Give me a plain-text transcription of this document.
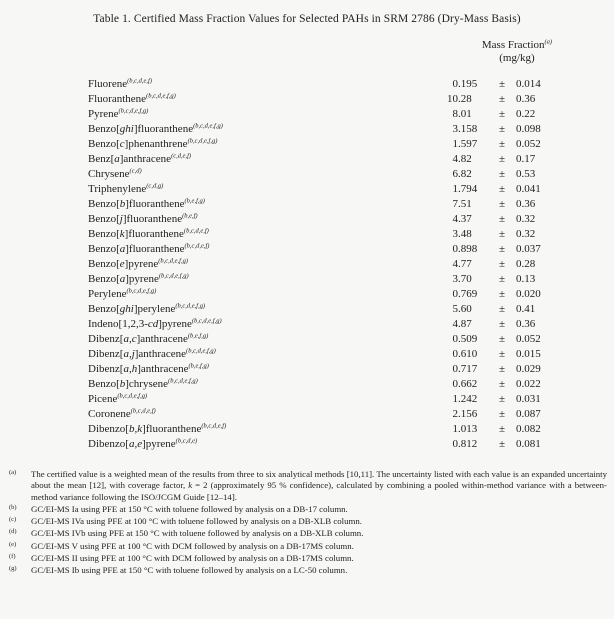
Table 1. Certified Mass Fraction Values for Selected PAHs in SRM 2786 (Dry-Mass Basis)
Mass Fraction$^{(a)}$
(mg/kg)
Fluorene$^{(b,c,d,e,f)}$	0 .195	± 0.014
Fluoranthene$^{(b,c,d,e,f,g)}$	10 .28	± 0.36
Pyrene$^{(b,c,d,e,f,g)}$	8 .01	± 0.22
Benzo[ghi]fluoranthene$^{(b,c,d,e,f,g)}$	3 .158	± 0.098
Benzo[c]phenanthrene$^{(b,c,d,e,f,g)}$	1 .597	± 0.052
Benz[a]anthracene$^{(c,d,e,f)}$	4 .82	± 0.17
Chrysene$^{(c,d)}$	6 .82	± 0.53
Triphenylene$^{(c,d,g)}$	1 .794	± 0.041
Benzo[b]fluoranthene$^{(b,e,f,g)}$	7 .51	± 0.36
Benzo[j]fluoranthene$^{(b,e,f)}$	4 .37	± 0.32
Benzo[k]fluoranthene$^{(b,c,d,e,f)}$	3 .48	± 0.32
Benzo[a]fluoranthene$^{(b,c,d,e,f)}$	0 .898	± 0.037
Benzo[e]pyrene$^{(b,c,d,e,f,g)}$	4 .77	± 0.28
Benzo[a]pyrene$^{(b,c,d,e,f,g)}$	3 .70	± 0.13
Perylene$^{(b,c,d,e,f,g)}$	0 .769	± 0.020
Benzo[ghi]perylene$^{(b,c,d,e,f,g)}$	5 .60	± 0.41
Indeno[1,2,3-cd]pyrene$^{(b,c,d,e,f,g)}$	4 .87	± 0.36
Dibenz[a,c]anthracene$^{(b,e,f,g)}$	0 .509	± 0.052
Dibenz[a,j]anthracene$^{(b,c,d,e,f,g)}$	0 .610	± 0.015
Dibenz[a,h]anthracene$^{(b,e,f,g)}$	0 .717	± 0.029
Benzo[b]chrysene$^{(b,c,d,e,f,g)}$	0 .662	± 0.022
Picene$^{(b,c,d,e,f,g)}$	1 .242	± 0.031
Coronene$^{(b,c,d,e,f)}$	2 .156	± 0.087
Dibenzo[b,k]fluoranthene$^{(b,c,d,e,f)}$	1 .013	± 0.082
Dibenzo[a,e]pyrene$^{(b,c,d,e)}$	0 .812	± 0.081
(a)	The certified value is a weighted mean of the results from three to six analytical methods [10,11]. The uncertainty listed with each value is an expanded uncertainty about the mean [12], with coverage factor, k = 2 (approximately 95 % confidence), calculated by combining a pooled within-method variance with a between-method variance following the ISO/JCGM Guide [12–14].
(b)	GC/EI-MS Ia using PFE at 150 °C with toluene followed by analysis on a DB-17 column.
(c)	GC/EI-MS IVa using PFE at 100 °C with toluene followed by analysis on a DB-XLB column.
(d)	GC/EI-MS IVb using PFE at 150 °C with toluene followed by analysis on a DB-XLB column.
(e)	GC/EI-MS V using PFE at 100 °C with DCM followed by analysis on a DB-17MS column.
(f)	GC/EI-MS II using PFE at 100 °C with DCM followed by analysis on a DB-17MS column.
(g)	GC/EI-MS Ib using PFE at 150 °C with toluene followed by analysis on a LC-50 column.
